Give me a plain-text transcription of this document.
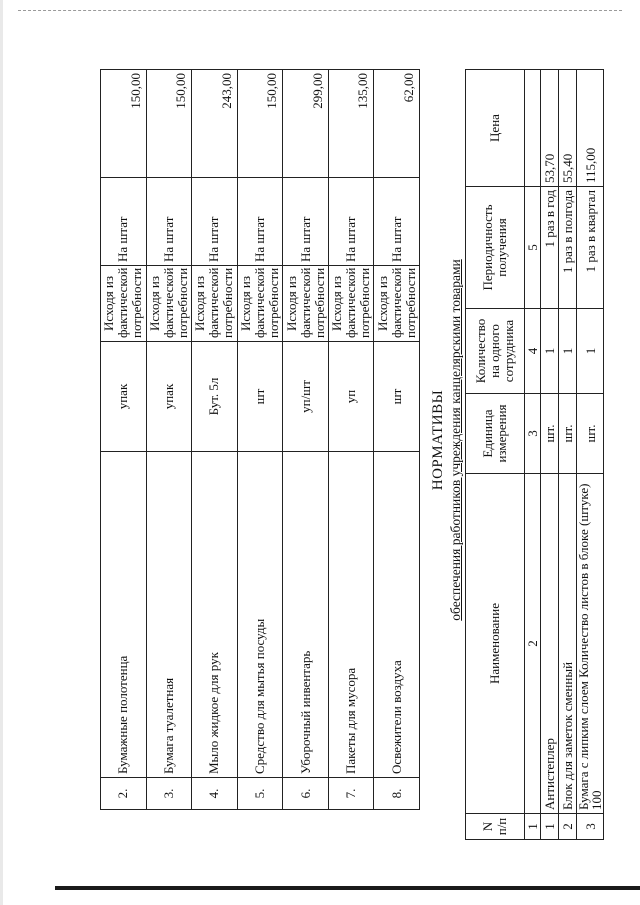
2.	Бумажные полотенца	упак	Исходя из фактической потребности	На штат	150,00
3.	Бумага туалетная	упак	Исходя из фактической потребности	На штат	150,00
4.	Мыло жидкое для рук	Бут. 5л	Исходя из фактической потребности	На штат	243,00
5.	Средство для мытья посуды	шт	Исходя из фактической потребности	На штат	150,00
6.	Уборочный инвентарь	уп/шт	Исходя из фактической потребности	На штат	299,00
7.	Пакеты для мусора	уп	Исходя из фактической потребности	На штат	135,00
8.	Освежители воздуха	шт	Исходя из фактической потребности	На штат	62,00
НОРМАТИВЫ обеспечения работников учреждения канцелярскими товарами
N п/п	Наименование	Единица измерения	Количество на одного сотрудника	Периодичность получения	Цена
1	2	3	4	5	
1	Антистеплер	шт.	1	1 раз в год	53,70
2	Блок для заметок сменный	шт.	1	1 раз в полгода	55,40
3	Бумага с липким слоем Количество листов в блоке (штуке) 100	шт.	1	1 раз в квартал	115,00
